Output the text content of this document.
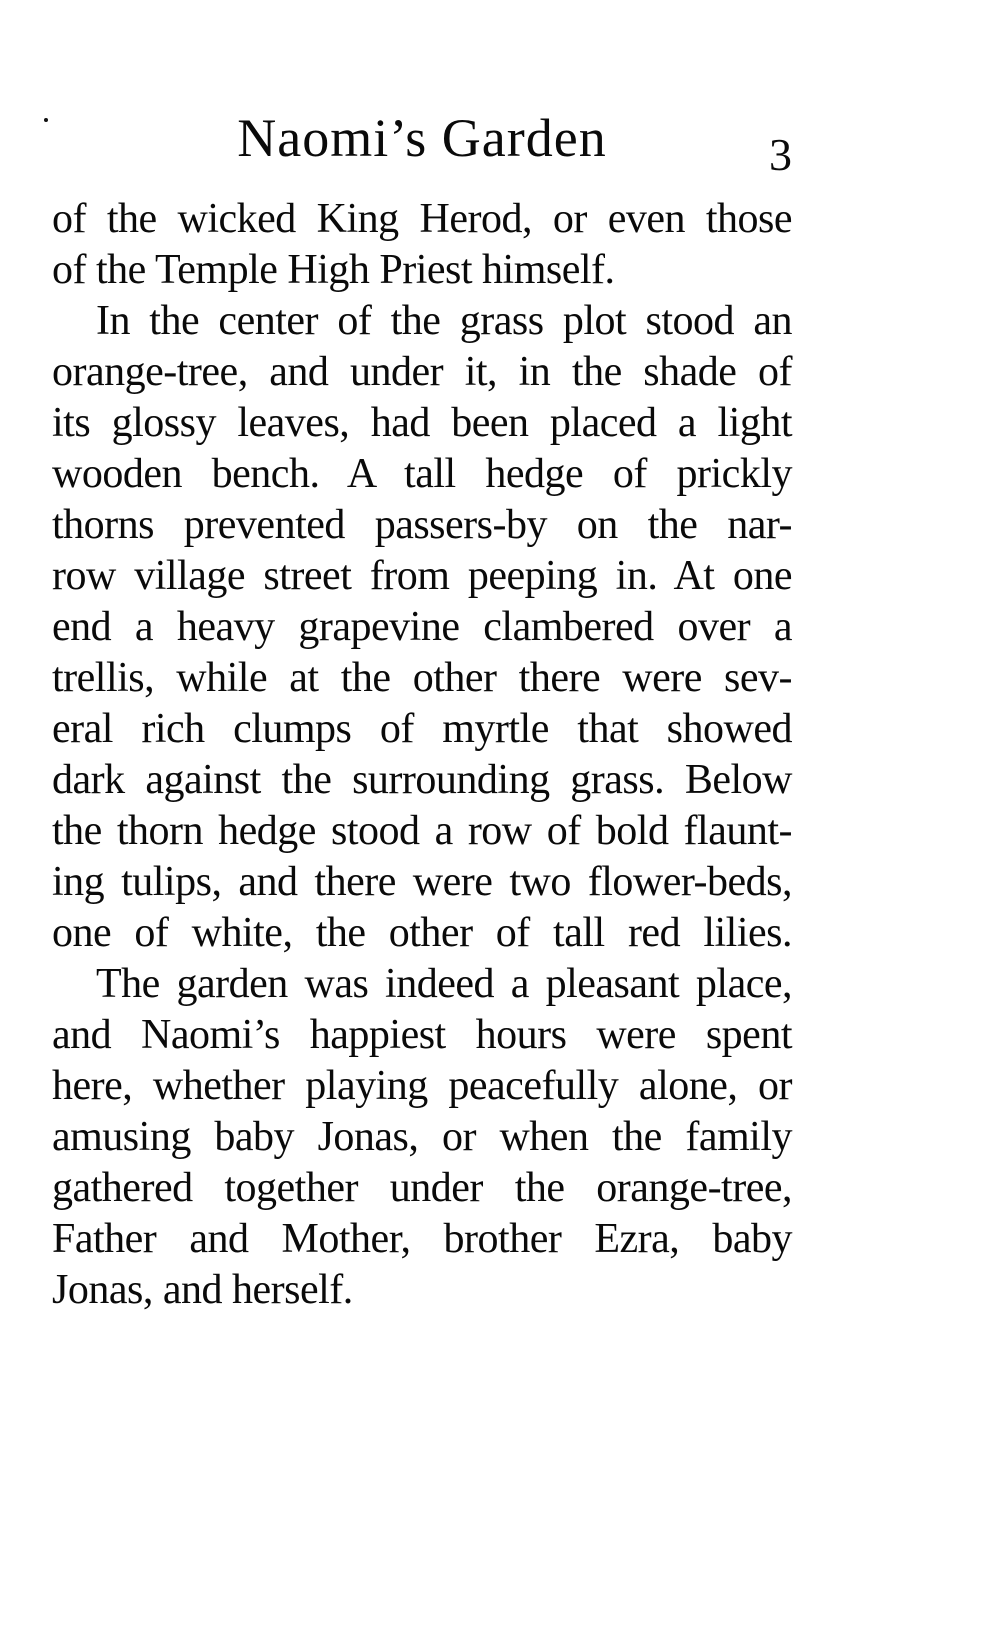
Naomi’s Garden	3
of the wicked King Herod, or even those
of the Temple High Priest himself.
In the center of the grass plot stood an
orange-tree, and under it, in the shade of
its glossy leaves, had been placed a light
wooden bench. A tall hedge of prickly
thorns prevented passers-by on the nar-
row village street from peeping in. At one
end a heavy grapevine clambered over a
trellis, while at the other there were sev-
eral rich clumps of myrtle that showed
dark against the surrounding grass. Below
the thorn hedge stood a row of bold flaunt-
ing tulips, and there were two flower-beds,
one of white, the other of tall red lilies.
The garden was indeed a pleasant place,
and Naomi’s happiest hours were spent
here, whether playing peacefully alone, or
amusing baby Jonas, or when the family
gathered together under the orange-tree,
Father and Mother, brother Ezra, baby
Jonas, and herself.
